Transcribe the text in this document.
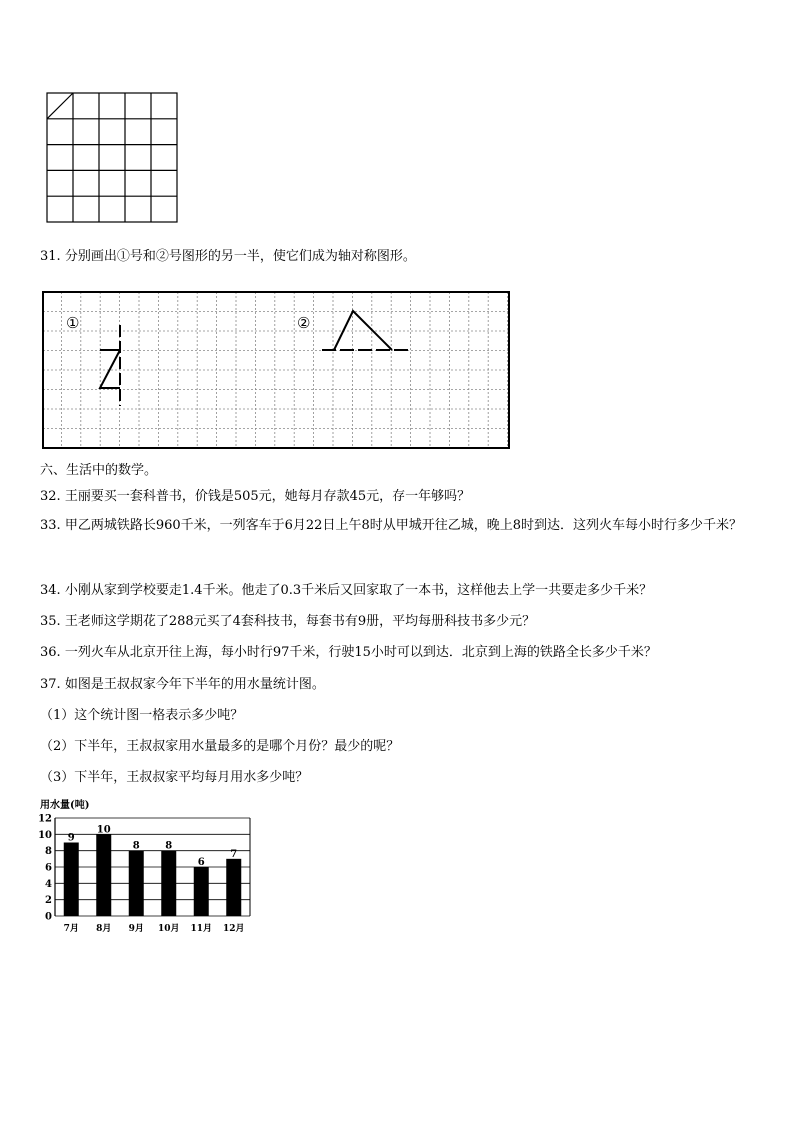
31. 分别画出①号和②号图形的另一半，使它们成为轴对称图形。
①	②
六、生活中的数学。
32. 王丽要买一套科普书，价钱是505元，她每月存款45元，存一年够吗？
33. 甲乙两城铁路长960千米，一列客车于6月22日上午8时从甲城开往乙城，晚上8时到达．这列火车每小时行多少千米？
34. 小刚从家到学校要走1.4千米。他走了0.3千米后又回家取了一本书，这样他去上学一共要走多少千米？
35. 王老师这学期花了288元买了4套科技书，每套书有9册，平均每册科技书多少元？
36. 一列火车从北京开往上海，每小时行97千米，行驶15小时可以到达．北京到上海的铁路全长多少千米？
37. 如图是王叔叔家今年下半年的用水量统计图。
（1）这个统计图一格表示多少吨？
（2）下半年，王叔叔家用水量最多的是哪个月份？最少的呢？
（3）下半年，王叔叔家平均每月用水多少吨？
用水量(吨)
0
2
4
6
8
10
12
9
10
8	8
6
7
7月 8月 9月 10月 11月 12月
